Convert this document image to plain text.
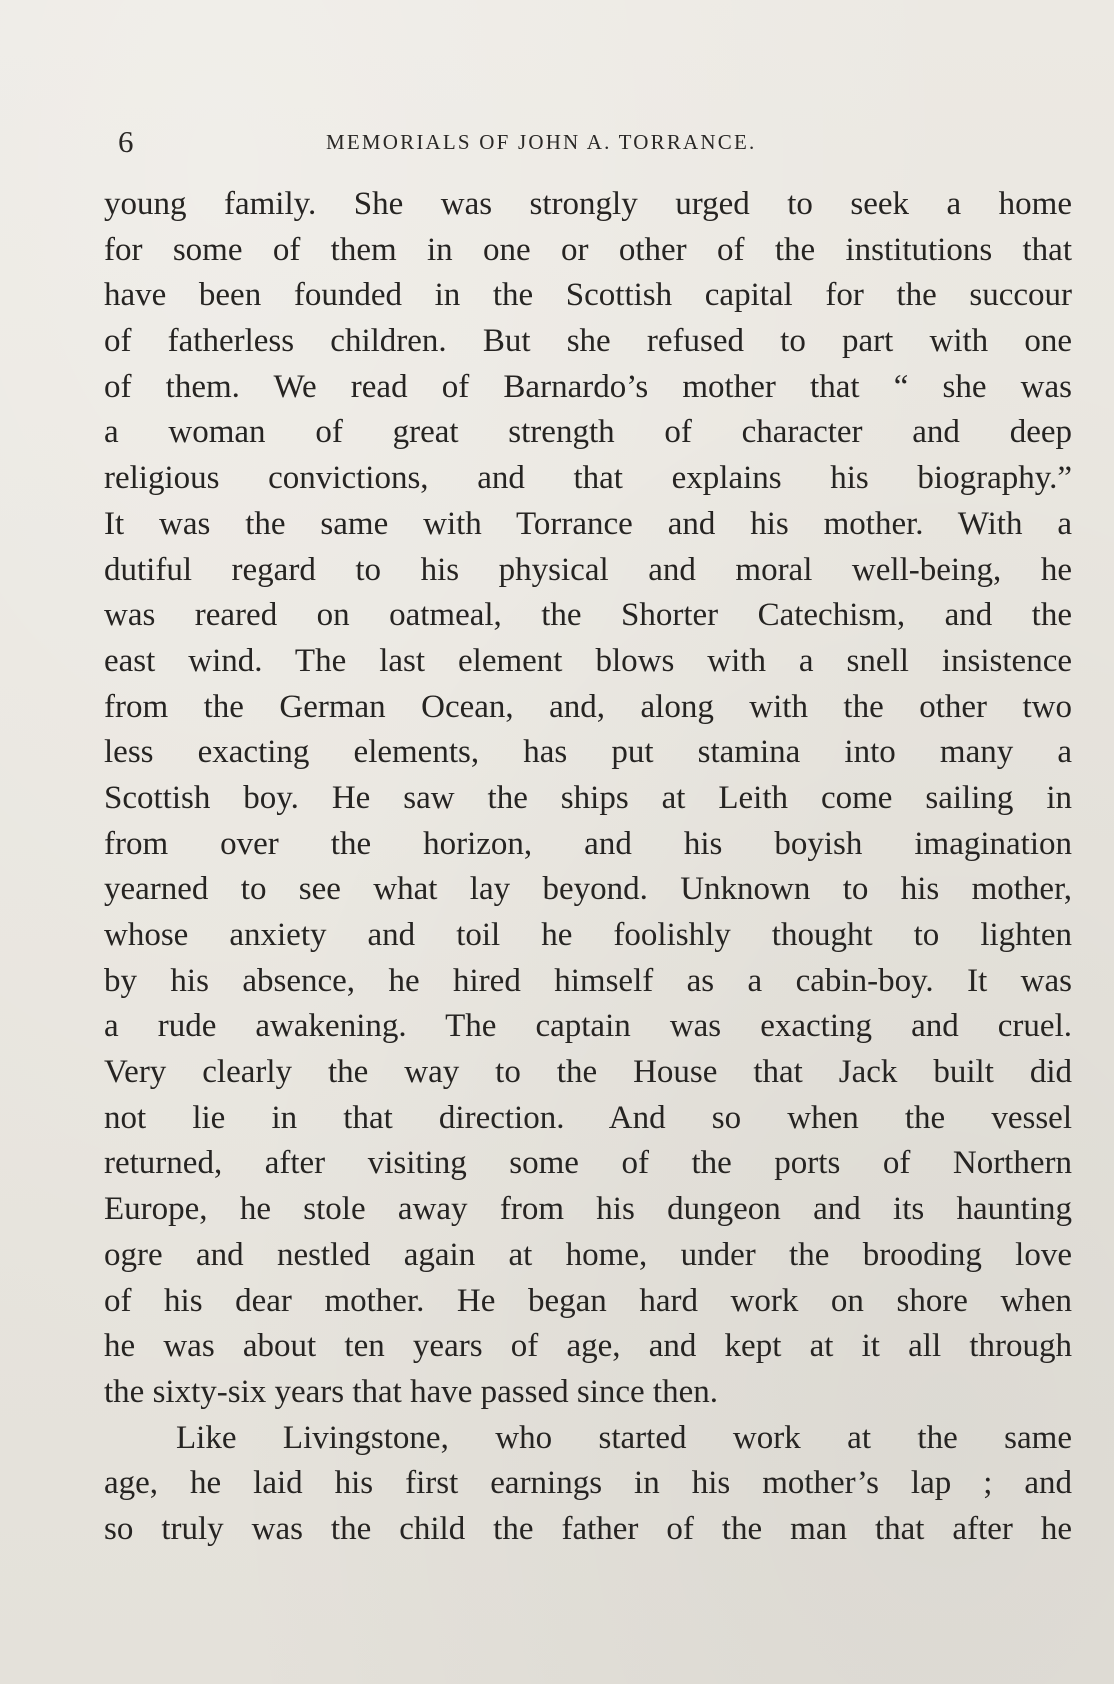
6	MEMORIALS OF JOHN A. TORRANCE.
young family. She was strongly urged to seek a home
for some of them in one or other of the institutions that
have been founded in the Scottish capital for the succour
of fatherless children. But she refused to part with one
of them. We read of Barnardo’s mother that “ she was
a woman of great strength of character and deep
religious convictions, and that explains his biography.”
It was the same with Torrance and his mother. With a
dutiful regard to his physical and moral well-being, he
was reared on oatmeal, the Shorter Catechism, and the
east wind. The last element blows with a snell insistence
from the German Ocean, and, along with the other two
less exacting elements, has put stamina into many a
Scottish boy. He saw the ships at Leith come sailing in
from over the horizon, and his boyish imagination
yearned to see what lay beyond. Unknown to his mother,
whose anxiety and toil he foolishly thought to lighten
by his absence, he hired himself as a cabin-boy. It was
a rude awakening. The captain was exacting and cruel.
Very clearly the way to the House that Jack built did
not lie in that direction. And so when the vessel
returned, after visiting some of the ports of Northern
Europe, he stole away from his dungeon and its haunting
ogre and nestled again at home, under the brooding love
of his dear mother. He began hard work on shore when
he was about ten years of age, and kept at it all through
the sixty-six years that have passed since then.
Like Livingstone, who started work at the same
age, he laid his first earnings in his mother’s lap ; and
so truly was the child the father of the man that after he
